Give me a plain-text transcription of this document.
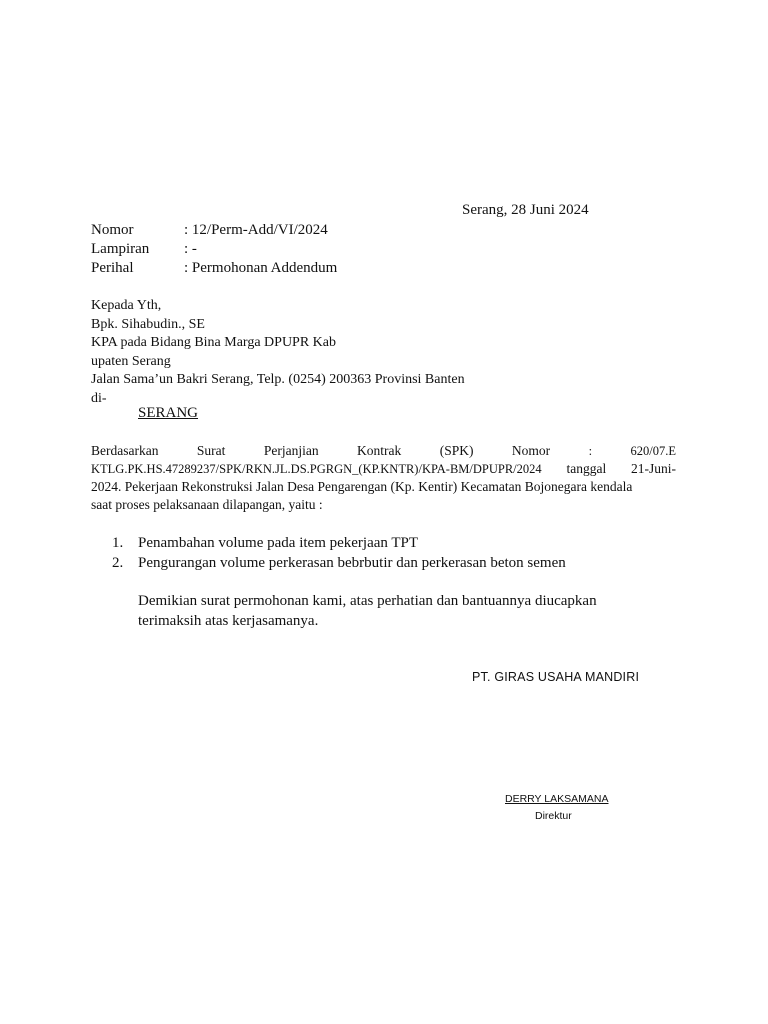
Serang, 28 Juni 2024
Nomor	: 12/Perm-Add/VI/2024
Lampiran : -
Perihal	: Permohonan Addendum
Kepada Yth,
Bpk. Sihabudin., SE
KPA pada Bidang Bina Marga DPUPR Kab
upaten Serang
Jalan Sama’un Bakri Serang, Telp. (0254) 200363 Provinsi Banten
di-
SERANG
Berdasarkan	Surat	Perjanjian	Kontrak	(SPK)	Nomor	:	620/07.E
KTLG.PK.HS.47289237/SPK/RKN.JL.DS.PGRGN_(KP.KNTR)/KPA-BM/DPUPR/2024 tanggal 21-Juni-
2024. Pekerjaan Rekonstruksi Jalan Desa Pengarengan (Kp. Kentir) Kecamatan Bojonegara kendala
saat proses pelaksanaan dilapangan, yaitu :
1. Penambahan volume pada item pekerjaan TPT
2. Pengurangan volume perkerasan bebrbutir dan perkerasan beton semen
Demikian surat permohonan kami, atas perhatian dan bantuannya diucapkan
terimaksih atas kerjasamanya.
PT. GIRAS USAHA MANDIRI
DERRY LAKSAMANA
Direktur
